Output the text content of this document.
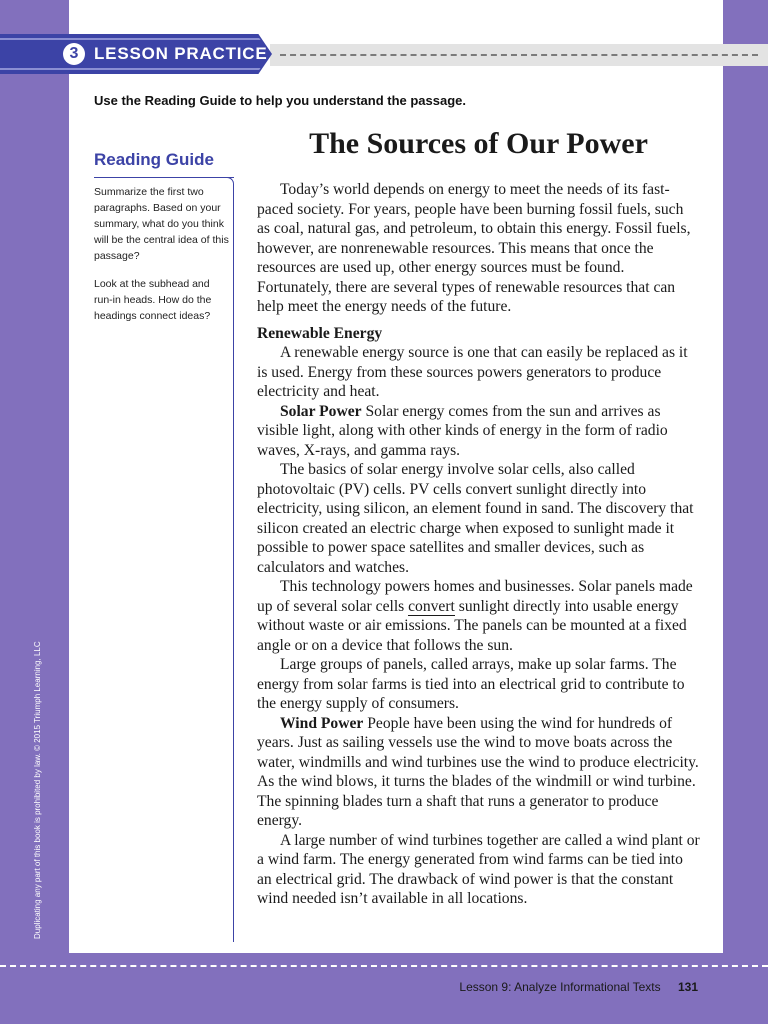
3 LESSON PRACTICE
Use the Reading Guide to help you understand the passage.
Reading Guide
Summarize the first two paragraphs. Based on your summary, what do you think will be the central idea of this passage?
Look at the subhead and run-in heads. How do the headings connect ideas?
Duplicating any part of this book is prohibited by law. © 2015 Triumph Learning, LLC
The Sources of Our Power

Today’s world depends on energy to meet the needs of its fast-paced society. For years, people have been burning fossil fuels, such as coal, natural gas, and petroleum, to obtain this energy. Fossil fuels, however, are nonrenewable resources. This means that once the resources are used up, other energy sources must be found. Fortunately, there are several types of renewable resources that can help meet the energy needs of the future.

Renewable Energy

A renewable energy source is one that can easily be replaced as it is used. Energy from these sources powers generators to produce electricity and heat.

Solar Power Solar energy comes from the sun and arrives as visible light, along with other kinds of energy in the form of radio waves, X-rays, and gamma rays.

The basics of solar energy involve solar cells, also called photovoltaic (PV) cells. PV cells convert sunlight directly into electricity, using silicon, an element found in sand. The discovery that silicon created an electric charge when exposed to sunlight made it possible to power space satellites and smaller devices, such as calculators and watches.

This technology powers homes and businesses. Solar panels made up of several solar cells convert sunlight directly into usable energy without waste or air emissions. The panels can be mounted at a fixed angle or on a device that follows the sun.

Large groups of panels, called arrays, make up solar farms. The energy from solar farms is tied into an electrical grid to contribute to the energy supply of consumers.

Wind Power People have been using the wind for hundreds of years. Just as sailing vessels use the wind to move boats across the water, windmills and wind turbines use the wind to produce electricity. As the wind blows, it turns the blades of the windmill or wind turbine. The spinning blades turn a shaft that runs a generator to produce energy.

A large number of wind turbines together are called a wind plant or a wind farm. The energy generated from wind farms can be tied into an electrical grid. The drawback of wind power is that the constant wind needed isn’t available in all locations.

Lesson 9: Analyze Informational Texts 131
